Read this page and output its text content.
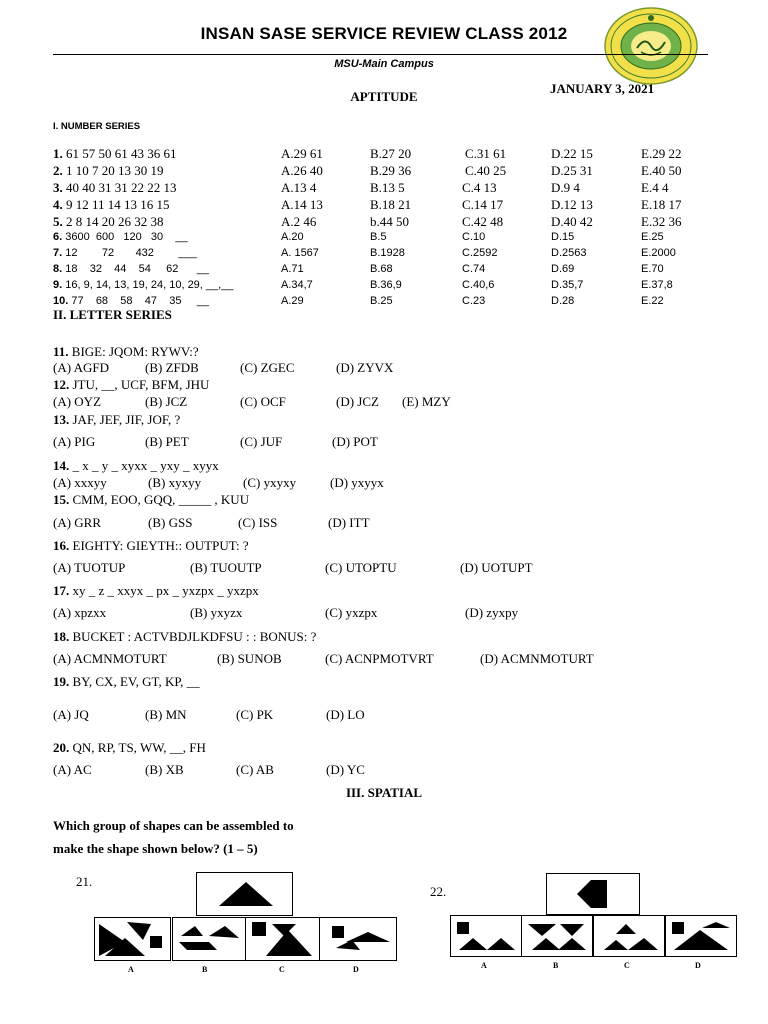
INSAN SASE SERVICE REVIEW CLASS 2012
MSU-Main Campus
JANUARY 3, 2021
APTITUDE
I. NUMBER SERIES
1. 61 57 50 61 43 36 61	A.29 61	B.27 20	C.31 61	D.22 15	E.29 22
2. 1 10 7 20 13 30 19	A.26 40	B.29 36	C.40 25	D.25 31	E.40 50
3. 40 40 31 31 22 22 13	A.13 4	B.13 5	C.4 13	D.9 4	E.4 4
4. 9 12 11 14 13 16 15	A.14 13	B.18 21	C.14 17	D.12 13	E.18 17
5. 2 8 14 20 26 32 38	A.2 46	b.44 50	C.42 48	D.40 42	E.32 36
6. 3600  600   120   30    __	A.20	B.5	C.10	D.15	E.25
7. 12        72       432        ___	A. 1567	B.1928	C.2592	D.2563	E.2000
8. 18    32    44    54     62      __	A.71	B.68	C.74	D.69	E.70
9. 16, 9, 14, 13, 19, 24, 10, 29, __,__	A.34,7	B.36,9	C.40,6	D.35,7	E.37,8
10. 77    68    58    47    35     __	A.29	B.25	C.23	D.28	E.22
II. LETTER SERIES
11. BIGE: JQOM: RYWV:?
(A) AGFD	(B) ZFDB	(C) ZGEC	(D) ZYVX
12. JTU, __, UCF, BFM, JHU
(A) OYZ	(B) JCZ	(C) OCF	(D) JCZ (E) MZY
13. JAF, JEF, JIF, JOF, ?
(A) PIG	(B) PET	(C) JUF	(D) POT
14. _ x _ y _ xyxx _ yxy _ xyyx
(A) xxxyy	(B) xyxyy	(C) yxyxy	(D) yxyyx
15. CMM, EOO, GQQ, _____ , KUU
(A) GRR	(B) GSS	(C) ISS	(D) ITT
16. EIGHTY: GIEYTH:: OUTPUT: ?
(A) TUOTUP	(B) TUOUTP	(C) UTOPTU	(D) UOTUPT
17. xy _ z _ xxyx _ px _ yxzpx _ yxzpx
(A) xpzxx	(B) yxyzx	(C) yxzpx	(D) zyxpy
18. BUCKET : ACTVBDJLKDFSU : : BONUS: ?
(A) ACMNMOTURT	(B) SUNOB	(C) ACNPMOTVRT	(D) ACMNMOTURT
19. BY, CX, EV, GT, KP, __
(A) JQ	(B) MN	(C) PK	(D) LO
20. QN, RP, TS, WW, __, FH
(A) AC	(B) XB	(C) AB	(D) YC
III. SPATIAL
Which group of shapes can be assembled to
make the shape shown below? (1 – 5)
21.
A	B	C	D
22.
A	B	C	D
